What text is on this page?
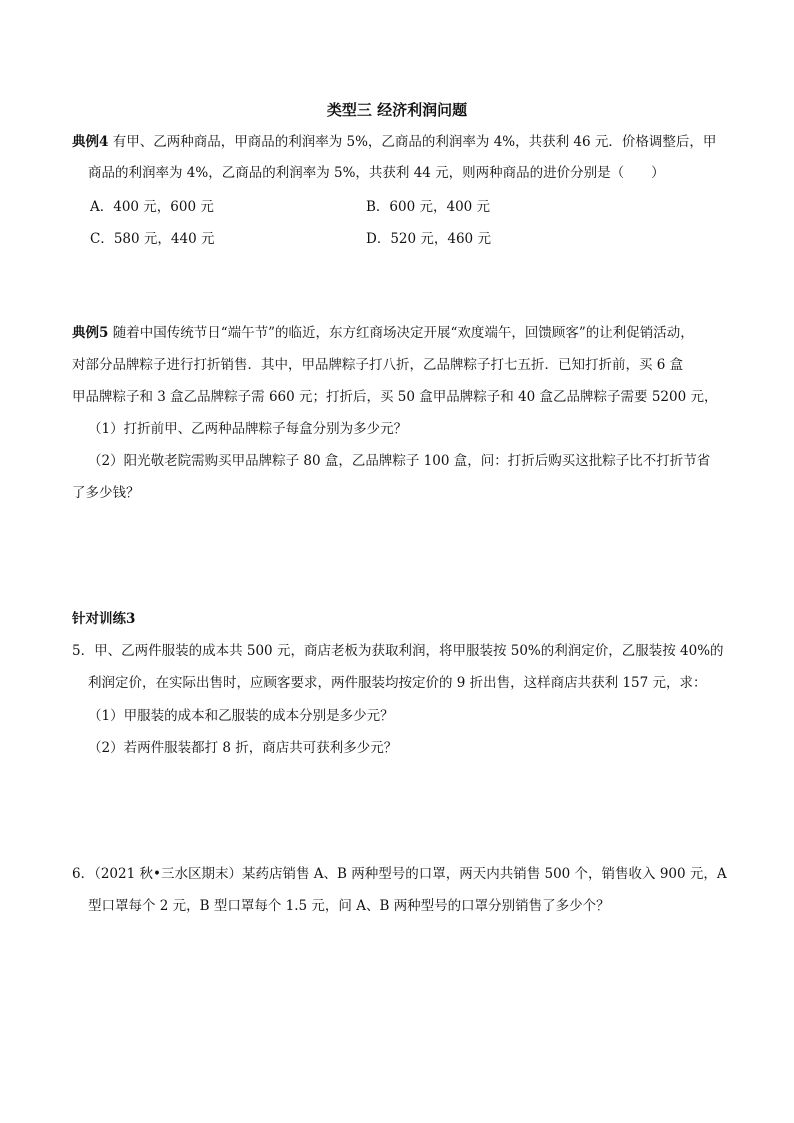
类型三 经济利润问题
典例4 有甲、乙两种商品，甲商品的利润率为 5%，乙商品的利润率为 4%，共获利 46 元．价格调整后，甲
商品的利润率为 4%，乙商品的利润率为 5%，共获利 44 元，则两种商品的进价分别是（　　）
A．400 元，600 元	B．600 元，400 元
C．580 元，440 元	D．520 元，460 元
典例5 随着中国传统节日“端午节”的临近，东方红商场决定开展“欢度端午，回馈顾客”的让利促销活动，
对部分品牌粽子进行打折销售．其中，甲品牌粽子打八折，乙品牌粽子打七五折．已知打折前，买 6 盒
甲品牌粽子和 3 盒乙品牌粽子需 660 元；打折后，买 50 盒甲品牌粽子和 40 盒乙品牌粽子需要 5200 元，
（1）打折前甲、乙两种品牌粽子每盒分别为多少元？
（2）阳光敬老院需购买甲品牌粽子 80 盒，乙品牌粽子 100 盒，问：打折后购买这批粽子比不打折节省
了多少钱？
针对训练3
5．甲、乙两件服装的成本共 500 元，商店老板为获取利润，将甲服装按 50%的利润定价，乙服装按 40%的
利润定价，在实际出售时，应顾客要求，两件服装均按定价的 9 折出售，这样商店共获利 157 元，求：
（1）甲服装的成本和乙服装的成本分别是多少元？
（2）若两件服装都打 8 折，商店共可获利多少元？
6．（2021 秋•三水区期末）某药店销售 A、B 两种型号的口罩，两天内共销售 500 个，销售收入 900 元，A
型口罩每个 2 元，B 型口罩每个 1.5 元，问 A、B 两种型号的口罩分别销售了多少个？
